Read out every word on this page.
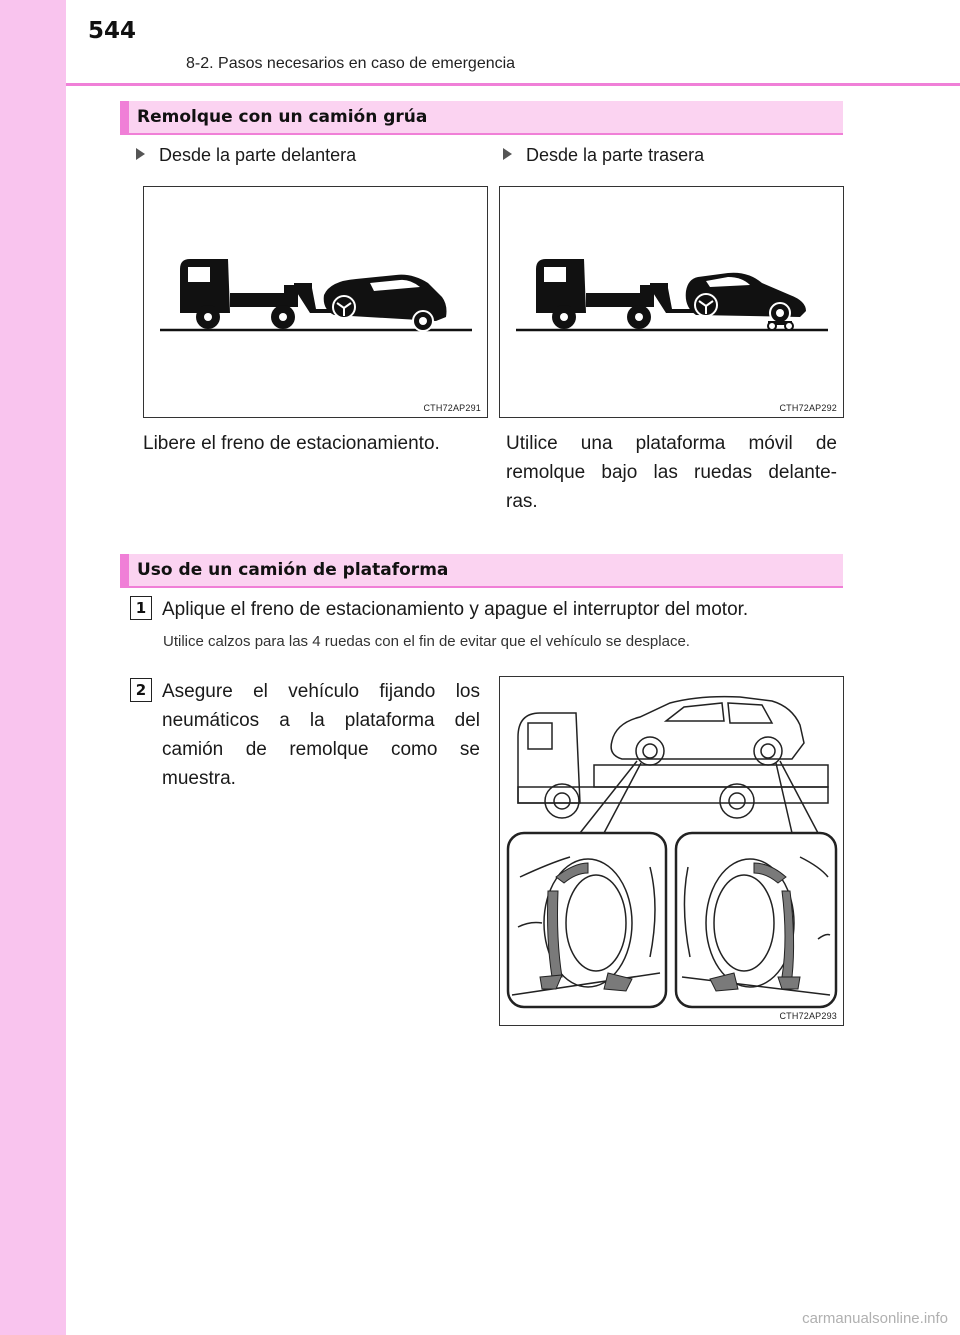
544
8-2. Pasos necesarios en caso de emergencia
Remolque con un camión grúa
Desde la parte delantera	Desde la parte trasera
CTH72AP291	CTH72AP292
Libere el freno de estacionamiento.	Utilice una plataforma móvil de
remolque bajo las ruedas delante-
ras.
Uso de un camión de plataforma
1 Aplique el freno de estacionamiento y apague el interruptor del motor.
Utilice calzos para las 4 ruedas con el fin de evitar que el vehículo se desplace.
2 Asegure el vehículo fijando los
neumáticos a la plataforma del
camión de remolque como se
muestra.
CTH72AP293
carmanualsonline.info
